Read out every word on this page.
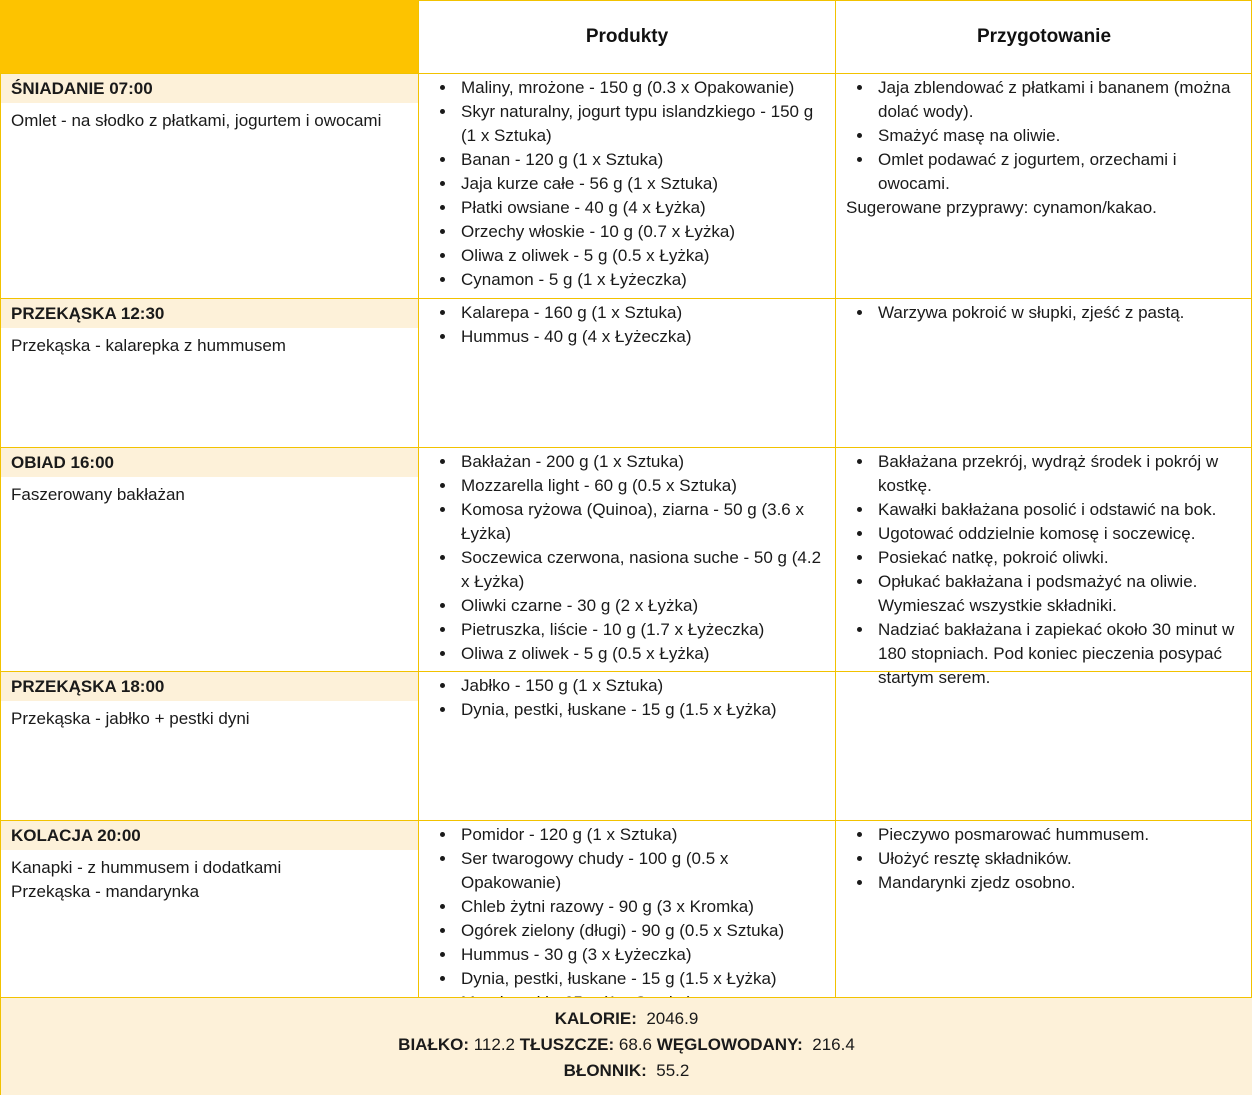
Produkty	Przygotowanie
ŚNIADANIE 07:00
Omlet - na słodko z płatkami, jogurtem i owocami
• Maliny, mrożone - 150 g (0.3 x Opakowanie)
• Skyr naturalny, jogurt typu islandzkiego - 150 g (1 x Sztuka)
• Banan - 120 g (1 x Sztuka)
• Jaja kurze całe - 56 g (1 x Sztuka)
• Płatki owsiane - 40 g (4 x Łyżka)
• Orzechy włoskie - 10 g (0.7 x Łyżka)
• Oliwa z oliwek - 5 g (0.5 x Łyżka)
• Cynamon - 5 g (1 x Łyżeczka)
• Jaja zblendować z płatkami i bananem (można dolać wody).
• Smażyć masę na oliwie.
• Omlet podawać z jogurtem, orzechami i owocami.
Sugerowane przyprawy: cynamon/kakao.
PRZEKĄSKA 12:30
Przekąska - kalarepka z hummusem
• Kalarepa - 160 g (1 x Sztuka)
• Hummus - 40 g (4 x Łyżeczka)
• Warzywa pokroić w słupki, zjeść z pastą.
OBIAD 16:00
Faszerowany bakłażan
• Bakłażan - 200 g (1 x Sztuka)
• Mozzarella light - 60 g (0.5 x Sztuka)
• Komosa ryżowa (Quinoa), ziarna - 50 g (3.6 x Łyżka)
• Soczewica czerwona, nasiona suche - 50 g (4.2 x Łyżka)
• Oliwki czarne - 30 g (2 x Łyżka)
• Pietruszka, liście - 10 g (1.7 x Łyżeczka)
• Oliwa z oliwek - 5 g (0.5 x Łyżka)
• Bakłażana przekrój, wydrąż środek i pokrój w kostkę.
• Kawałki bakłażana posolić i odstawić na bok.
• Ugotować oddzielnie komosę i soczewicę.
• Posiekać natkę, pokroić oliwki.
• Opłukać bakłażana i podsmażyć na oliwie. Wymieszać wszystkie składniki.
• Nadziać bakłażana i zapiekać około 30 minut w 180 stopniach. Pod koniec pieczenia posypać startym serem.
PRZEKĄSKA 18:00
Przekąska - jabłko + pestki dyni
• Jabłko - 150 g (1 x Sztuka)
• Dynia, pestki, łuskane - 15 g (1.5 x Łyżka)
KOLACJA 20:00
Kanapki - z hummusem i dodatkami
Przekąska - mandarynka
• Pomidor - 120 g (1 x Sztuka)
• Ser twarogowy chudy - 100 g (0.5 x Opakowanie)
• Chleb żytni razowy - 90 g (3 x Kromka)
• Ogórek zielony (długi) - 90 g (0.5 x Sztuka)
• Hummus - 30 g (3 x Łyżeczka)
• Dynia, pestki, łuskane - 15 g (1.5 x Łyżka)
•
• Pieczywo posmarować hummusem.
• Ułożyć resztę składników.
• Mandarynki zjedz osobno.
KALORIE: 2046.9
BIAŁKO: 112.2 TŁUSZCZE: 68.6 WĘGLOWODANY: 216.4
BŁONNIK: 55.2
